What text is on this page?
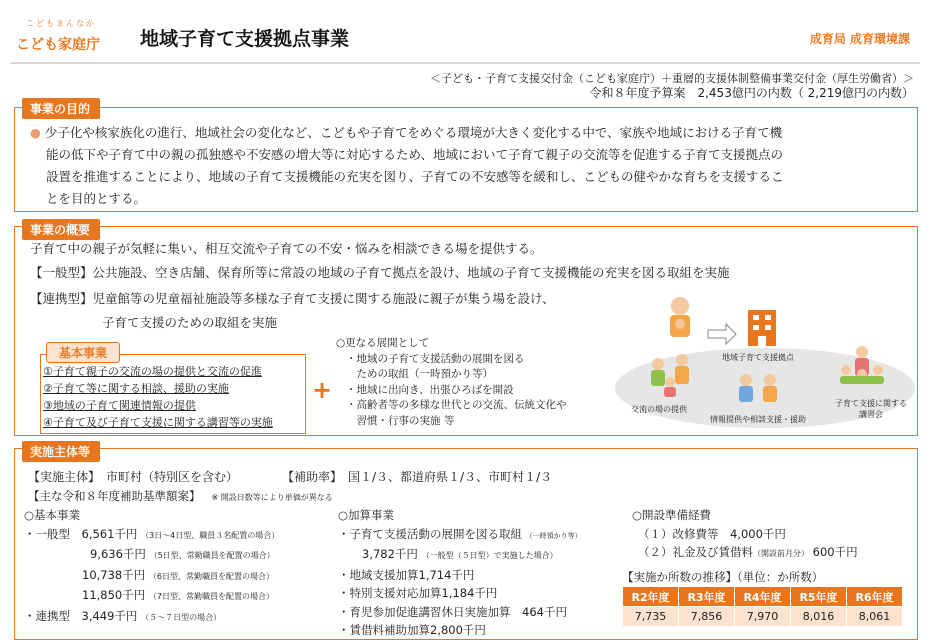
こどもまんなか
こども家庭庁 地域子育て支援拠点事業	成育局 成育環境課
＜子ども・子育て支援交付金（こども家庭庁）＋重層的支援体制整備事業交付金（厚生労働省）＞
令和８年度予算案　2,453億円の内数（ 2,219億円の内数）
事業の目的
● 少子化や核家族化の進行、地域社会の変化など、こどもや子育てをめぐる環境が大きく変化する中で、家族や地域における子育て機
能の低下や子育て中の親の孤独感や不安感の増大等に対応するため、地域において子育て親子の交流等を促進する子育て支援拠点の
設置を推進することにより、地域の子育て支援機能の充実を図り、子育ての不安感等を緩和し、こどもの健やかな育ちを支援するこ
とを目的とする。
事業の概要
子育て中の親子が気軽に集い、相互交流や子育ての不安・悩みを相談できる場を提供する。
【一般型】公共施設、空き店舗、保育所等に常設の地域の子育て拠点を設け、地域の子育て支援機能の充実を図る取組を実施
【連携型】児童館等の児童福祉施設等多様な子育て支援に関する施設に親子が集う場を設け、
子育て支援のための取組を実施
①子育て親子の交流の場の提供と交流の促進
②子育て等に関する相談、援助の実施
③地域の子育て関連情報の提供
④子育て及び子育て支援に関する講習等の実施
基本事業
+
○更なる展開として
・地域の子育て支援活動の展開を図る
　ための取組（一時預かり等）
・地域に出向き、出張ひろばを開設
・高齢者等の多様な世代との交流、伝統文化や
　習慣・行事の実施 等
地域子育て支援拠点
交流の場の提供
情報提供や相談支援・援助
子育て支援に関する
講習会
実施主体等
【実施主体】　市町村（特別区を含む）	【補助率】　国１/３、都道府県１/３、市町村１/３
【主な令和８年度補助基準額案】 ※ 開設日数等により単価が異なる
○基本事業
・一般型　6,561千円 （3日～4日型、職員３名配置の場合）
9,636千円 （5日型、常勤職員を配置の場合）
10,738千円 （6日型、常勤職員を配置の場合）
11,850千円 （7日型、常勤職員を配置の場合）
・連携型　3,449千円 （５～７日型の場合）
○加算事業
・子育て支援活動の展開を図る取組 （一時預かり等）
3,782千円 （一般型（５日型）で実施した場合）
・地域支援加算1,714千円
・特別支援対応加算1,184千円
・育児参加促進講習休日実施加算　464千円
・賃借料補助加算2,800千円
○開設準備経費
（１）改修費等　4,000千円
（２）礼金及び賃借料（開設前月分） 600千円
【実施か所数の推移】（単位：か所数）
R2年度	R3年度	R4年度	R5年度	R6年度
7,735	7,856	7,970	8,016	8,061
